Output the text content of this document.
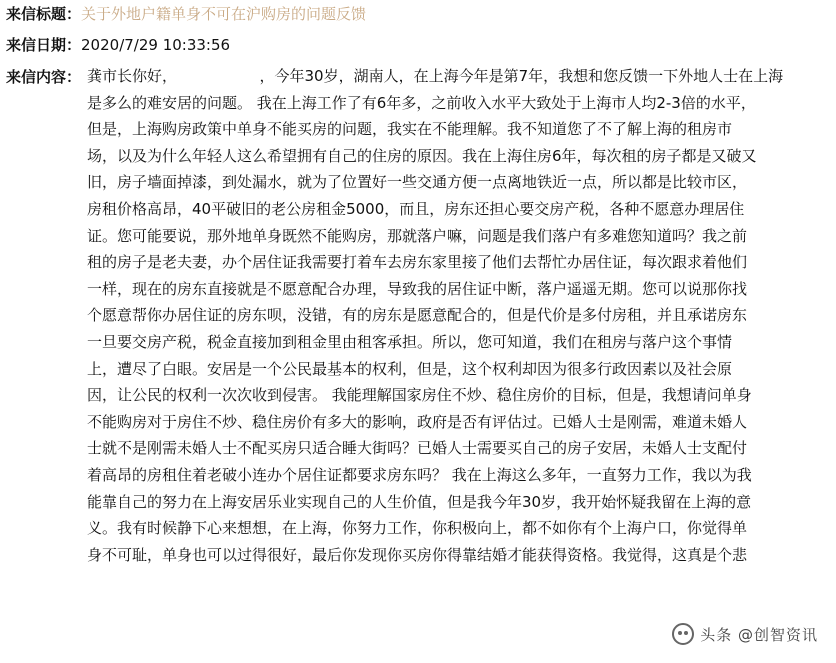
来信标题：关于外地户籍单身不可在沪购房的问题反馈
来信日期：2020/7/29 10:33:56
来信内容： 龚市长你好，　　　　　　，今年30岁，湖南人，在上海今年是第7年，我想和您反馈一下外地人士在上海
是多么的难安居的问题。 我在上海工作了有6年多，之前收入水平大致处于上海市人均2-3倍的水平，
但是，上海购房政策中单身不能买房的问题，我实在不能理解。我不知道您了不了解上海的租房市
场，以及为什么年轻人这么希望拥有自己的住房的原因。我在上海住房6年，每次租的房子都是又破又
旧，房子墙面掉漆，到处漏水，就为了位置好一些交通方便一点离地铁近一点，所以都是比较市区，
房租价格高昂，40平破旧的老公房租金5000，而且，房东还担心要交房产税，各种不愿意办理居住
证。您可能要说，那外地单身既然不能购房，那就落户嘛，问题是我们落户有多难您知道吗？我之前
租的房子是老夫妻，办个居住证我需要打着车去房东家里接了他们去帮忙办居住证，每次跟求着他们
一样，现在的房东直接就是不愿意配合办理，导致我的居住证中断，落户遥遥无期。您可以说那你找
个愿意帮你办居住证的房东呗，没错，有的房东是愿意配合的，但是代价是多付房租，并且承诺房东
一旦要交房产税，税金直接加到租金里由租客承担。所以，您可知道，我们在租房与落户这个事情
上，遭尽了白眼。安居是一个公民最基本的权利，但是，这个权利却因为很多行政因素以及社会原
因，让公民的权利一次次收到侵害。 我能理解国家房住不炒、稳住房价的目标，但是，我想请问单身
不能购房对于房住不炒、稳住房价有多大的影响，政府是否有评估过。已婚人士是刚需，难道未婚人
士就不是刚需未婚人士不配买房只适合睡大街吗？已婚人士需要买自己的房子安居，未婚人士支配付
着高昂的房租住着老破小连办个居住证都要求房东吗？ 我在上海这么多年，一直努力工作，我以为我
能靠自己的努力在上海安居乐业实现自己的人生价值，但是我今年30岁，我开始怀疑我留在上海的意
义。我有时候静下心来想想，在上海，你努力工作，你积极向上，都不如你有个上海户口，你觉得单
身不可耻，单身也可以过得很好，最后你发现你买房你得靠结婚才能获得资格。我觉得，这真是个悲
头条 @创智资讯
